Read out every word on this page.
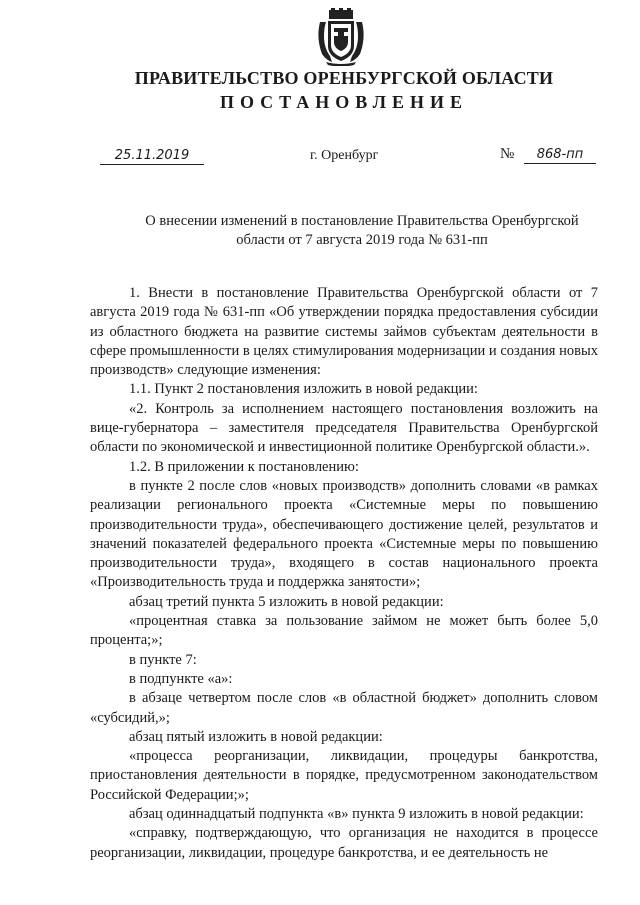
ПРАВИТЕЛЬСТВО ОРЕНБУРГСКОЙ ОБЛАСТИ
ПОСТАНОВЛЕНИЕ
25.11.2019	г. Оренбург	№	868-пп
О внесении изменений в постановление Правительства Оренбургской области от 7 августа 2019 года № 631-пп

1. Внести в постановление Правительства Оренбургской области от 7 августа 2019 года № 631-пп «Об утверждении порядка предоставления субсидии из областного бюджета на развитие системы займов субъектам деятельности в сфере промышленности в целях стимулирования модернизации и создания новых производств» следующие изменения:

1.1. Пункт 2 постановления изложить в новой редакции:

«2. Контроль за исполнением настоящего постановления возложить на вице-губернатора – заместителя председателя Правительства Оренбургской области по экономической и инвестиционной политике Оренбургской области.».

1.2. В приложении к постановлению:

в пункте 2 после слов «новых производств» дополнить словами «в рамках реализации регионального проекта «Системные меры по повышению производительности труда», обеспечивающего достижение целей, результатов и значений показателей федерального проекта «Системные меры по повышению производительности труда», входящего в состав национального проекта «Производительность труда и поддержка занятости»;

абзац третий пункта 5 изложить в новой редакции:

«процентная ставка за пользование займом не может быть более 5,0 процента;»;

в пункте 7:

в подпункте «а»:

в абзаце четвертом после слов «в областной бюджет» дополнить словом «субсидий,»;

абзац пятый изложить в новой редакции:

«процесса реорганизации, ликвидации, процедуры банкротства, приостановления деятельности в порядке, предусмотренном законодательством Российской Федерации;»;

абзац одиннадцатый подпункта «в» пункта 9 изложить в новой редакции:

«справку, подтверждающую, что организация не находится в процессе реорганизации, ликвидации, процедуре банкротства, и ее деятельность не
